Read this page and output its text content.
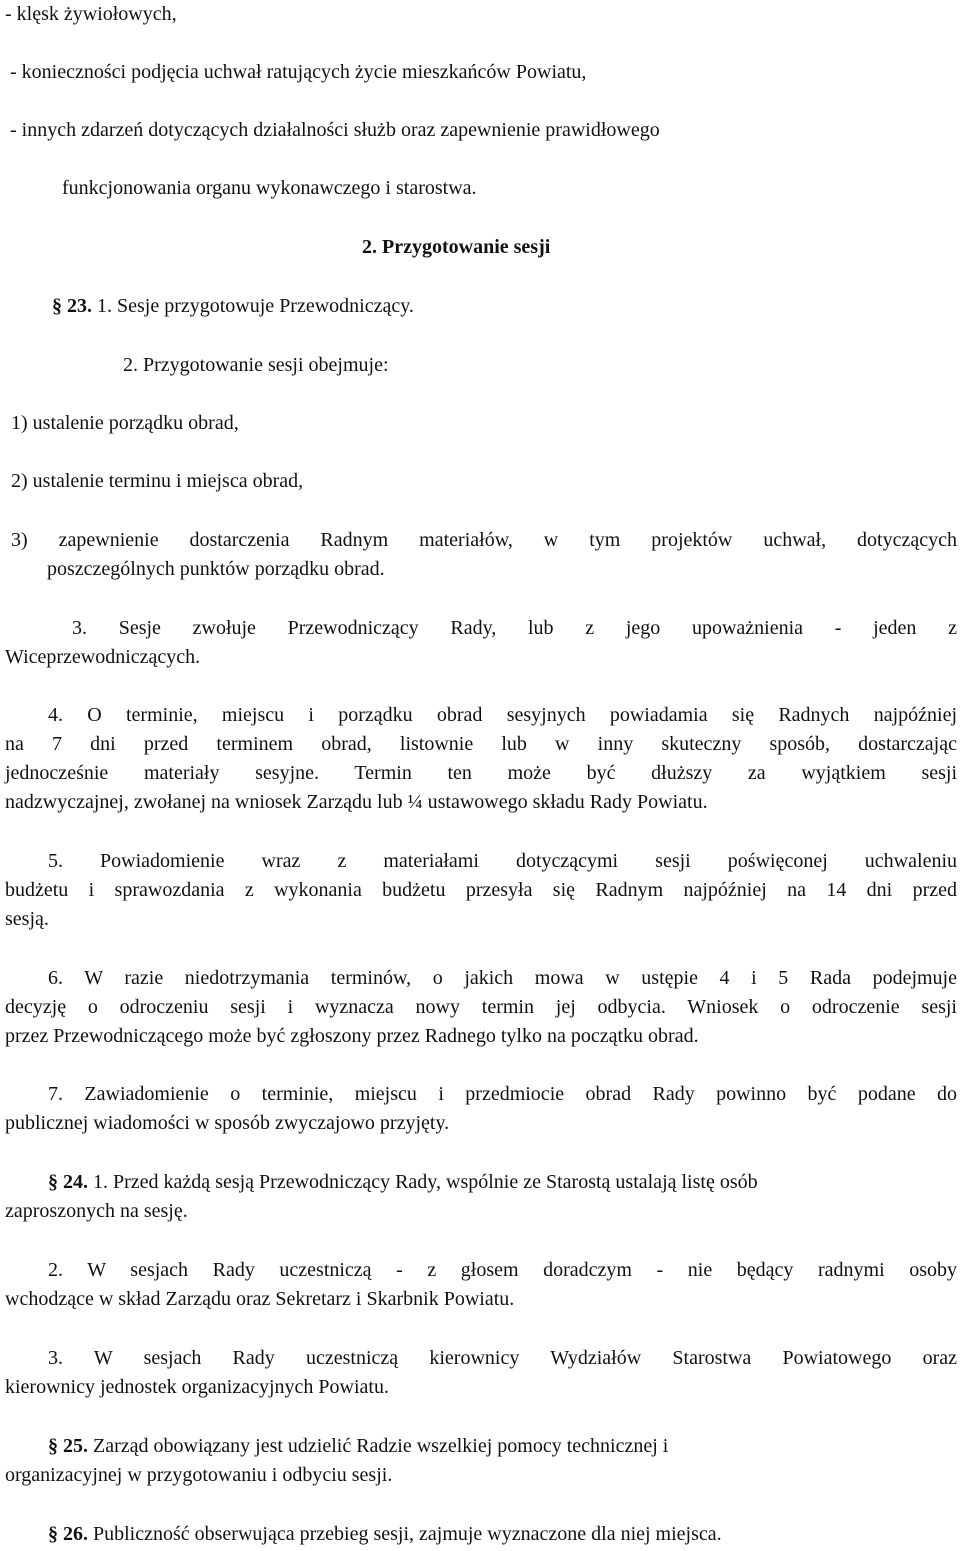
- klęsk żywiołowych,
- konieczności podjęcia uchwał ratujących życie mieszkańców Powiatu,
- innych zdarzeń dotyczących działalności służb oraz zapewnienie prawidłowego
funkcjonowania organu wykonawczego i starostwa.
2. Przygotowanie sesji
§ 23. 1. Sesje przygotowuje Przewodniczący.
2. Przygotowanie sesji obejmuje:
1) ustalenie porządku obrad,
2) ustalenie terminu i miejsca obrad,
3) zapewnienie dostarczenia Radnym materiałów, w tym projektów uchwał, dotyczących
poszczególnych punktów porządku obrad.
3. Sesje zwołuje Przewodniczący Rady, lub z jego upoważnienia - jeden z
Wiceprzewodniczących.
4. O terminie, miejscu i porządku obrad sesyjnych powiadamia się Radnych najpóźniej
na 7 dni przed terminem obrad, listownie lub w inny skuteczny sposób, dostarczając
jednocześnie materiały sesyjne. Termin ten może być dłuższy za wyjątkiem sesji
nadzwyczajnej, zwołanej na wniosek Zarządu lub ¼ ustawowego składu Rady Powiatu.
5. Powiadomienie wraz z materiałami dotyczącymi sesji poświęconej uchwaleniu
budżetu i sprawozdania z wykonania budżetu przesyła się Radnym najpóźniej na 14 dni przed
sesją.
6. W razie niedotrzymania terminów, o jakich mowa w ustępie 4 i 5 Rada podejmuje
decyzję o odroczeniu sesji i wyznacza nowy termin jej odbycia. Wniosek o odroczenie sesji
przez Przewodniczącego może być zgłoszony przez Radnego tylko na początku obrad.
7. Zawiadomienie o terminie, miejscu i przedmiocie obrad Rady powinno być podane do
publicznej wiadomości w sposób zwyczajowo przyjęty.
§ 24. 1. Przed każdą sesją Przewodniczący Rady, wspólnie ze Starostą ustalają listę osób
zaproszonych na sesję.
2. W sesjach Rady uczestniczą - z głosem doradczym - nie będący radnymi osoby
wchodzące w skład Zarządu oraz Sekretarz i Skarbnik Powiatu.
3. W sesjach Rady uczestniczą kierownicy Wydziałów Starostwa Powiatowego oraz
kierownicy jednostek organizacyjnych Powiatu.
§ 25. Zarząd obowiązany jest udzielić Radzie wszelkiej pomocy technicznej i
organizacyjnej w przygotowaniu i odbyciu sesji.
§ 26. Publiczność obserwująca przebieg sesji, zajmuje wyznaczone dla niej miejsca.
